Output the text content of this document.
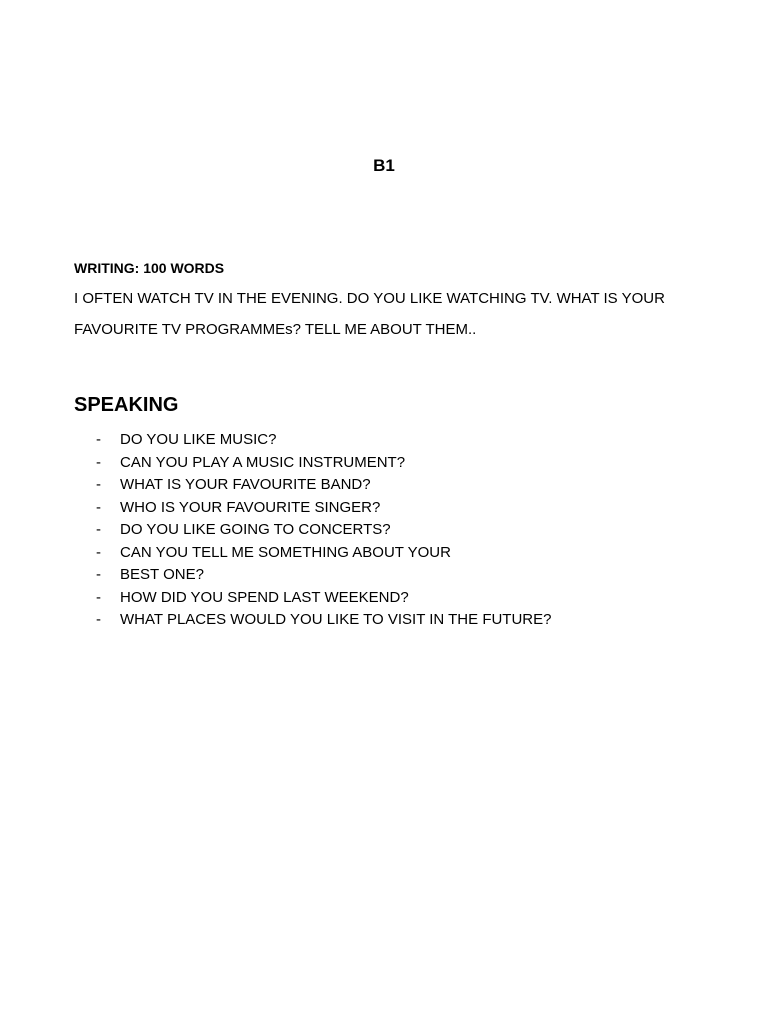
B1
WRITING: 100 WORDS
I OFTEN WATCH TV IN THE EVENING. DO YOU LIKE WATCHING TV. WHAT IS YOUR
FAVOURITE TV PROGRAMMEs? TELL ME ABOUT THEM..
SPEAKING
-	DO YOU LIKE MUSIC?
-	CAN YOU PLAY A MUSIC INSTRUMENT?
-	WHAT IS YOUR FAVOURITE BAND?
-	WHO IS YOUR FAVOURITE SINGER?
-	DO YOU LIKE GOING TO CONCERTS?
-	CAN YOU TELL ME SOMETHING ABOUT YOUR
-	BEST ONE?
-	HOW DID YOU SPEND LAST WEEKEND?
-	WHAT PLACES WOULD YOU LIKE TO VISIT IN THE FUTURE?
